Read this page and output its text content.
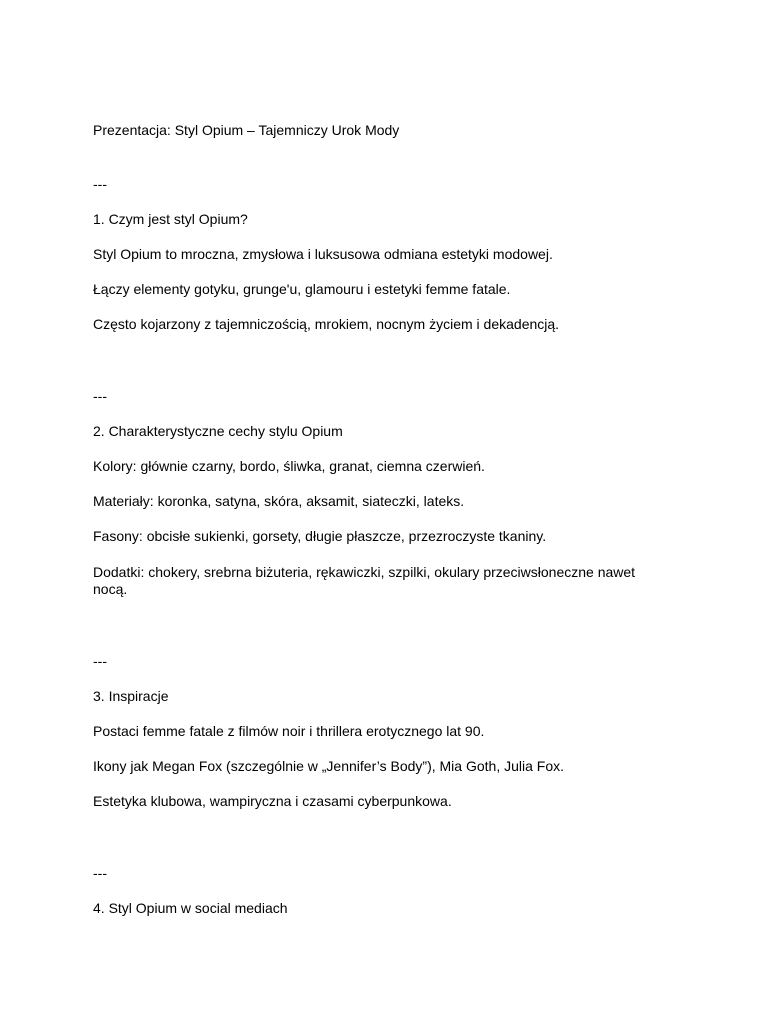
Prezentacja: Styl Opium – Tajemniczy Urok Mody

---

1. Czym jest styl Opium?

Styl Opium to mroczna, zmysłowa i luksusowa odmiana estetyki modowej.

Łączy elementy gotyku, grunge'u, glamouru i estetyki femme fatale.

Często kojarzony z tajemniczością, mrokiem, nocnym życiem i dekadencją.

---

2. Charakterystyczne cechy stylu Opium

Kolory: głównie czarny, bordo, śliwka, granat, ciemna czerwień.

Materiały: koronka, satyna, skóra, aksamit, siateczki, lateks.

Fasony: obcisłe sukienki, gorsety, długie płaszcze, przezroczyste tkaniny.

Dodatki: chokery, srebrna biżuteria, rękawiczki, szpilki, okulary przeciwsłoneczne nawet nocą.

---

3. Inspiracje

Postaci femme fatale z filmów noir i thrillera erotycznego lat 90.

Ikony jak Megan Fox (szczególnie w „Jennifer’s Body”), Mia Goth, Julia Fox.

Estetyka klubowa, wampiryczna i czasami cyberpunkowa.

---

4. Styl Opium w social mediach
